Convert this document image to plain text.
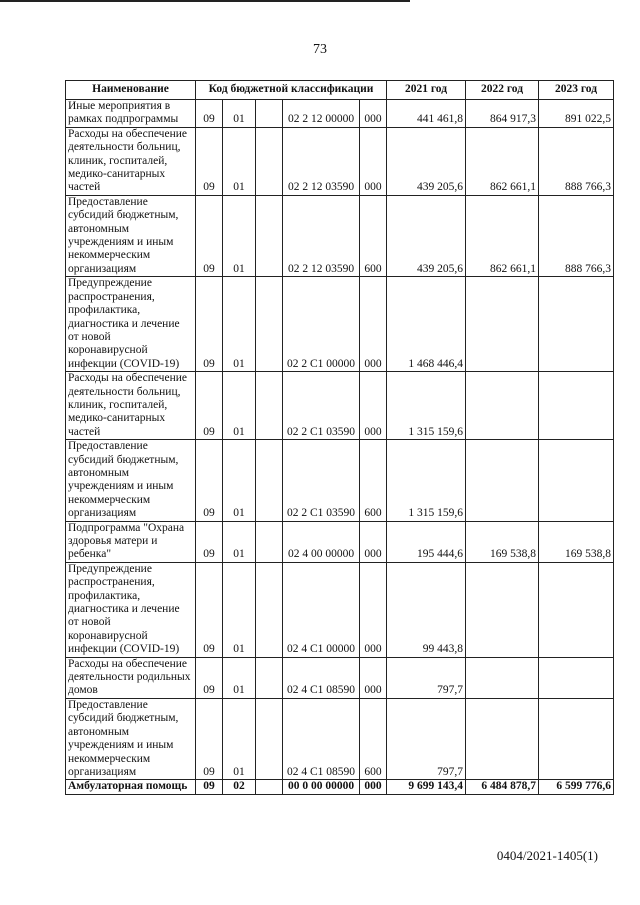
73
Наименование	Код бюджетной классификации					2021 год	2022 год	2023 год
Иные мероприятия в рамках подпрограммы	09	01		02 2 12 00000	000	441 461,8	864 917,3	891 022,5
Расходы на обеспечение деятельности больниц, клиник, госпиталей, медико-санитарных частей	09	01		02 2 12 03590	000	439 205,6	862 661,1	888 766,3
Предоставление субсидий бюджетным, автономным учреждениям и иным некоммерческим организациям	09	01		02 2 12 03590	600	439 205,6	862 661,1	888 766,3
Предупреждение распространения, профилактика, диагностика и лечение от новой коронавирусной инфекции (COVID-19)	09	01		02 2 C1 00000	000	1 468 446,4		
Расходы на обеспечение деятельности больниц, клиник, госпиталей, медико-санитарных частей	09	01		02 2 C1 03590	000	1 315 159,6		
Предоставление субсидий бюджетным, автономным учреждениям и иным некоммерческим организациям	09	01		02 2 C1 03590	600	1 315 159,6		
Подпрограмма "Охрана здоровья матери и ребенка"	09	01		02 4 00 00000	000	195 444,6	169 538,8	169 538,8
Предупреждение распространения, профилактика, диагностика и лечение от новой коронавирусной инфекции (COVID-19)	09	01		02 4 C1 00000	000	99 443,8		
Расходы на обеспечение деятельности родильных домов	09	01		02 4 C1 08590	000	797,7		
Предоставление субсидий бюджетным, автономным учреждениям и иным некоммерческим организациям	09	01		02 4 C1 08590	600	797,7		
Амбулаторная помощь	09	02		00 0 00 00000	000	9 699 143,4	6 484 878,7	6 599 776,6
0404/2021-1405(1)
